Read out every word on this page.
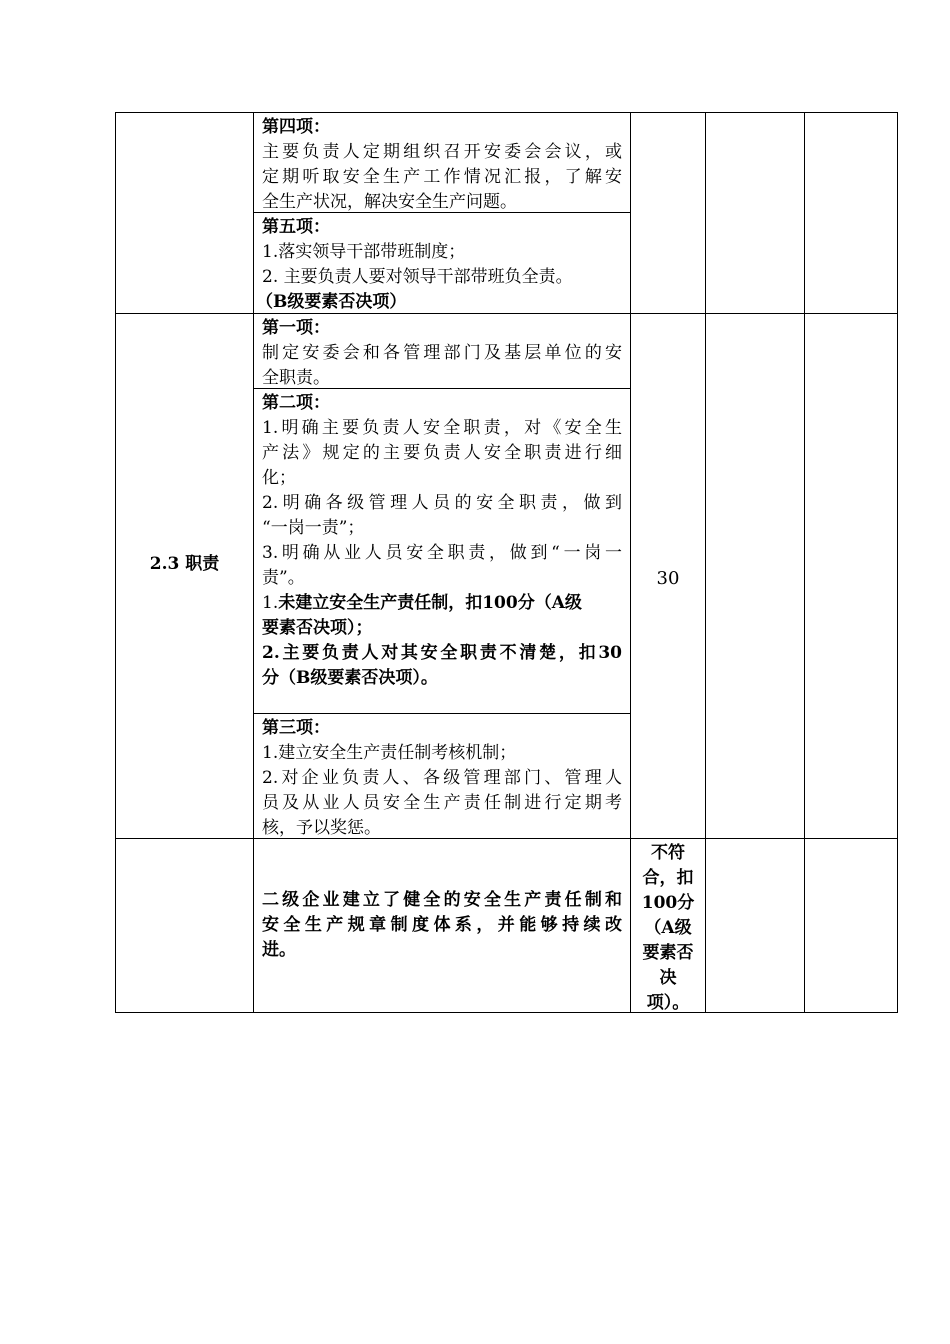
第四项：
主要负责人定期组织召开安委会会议，或
定期听取安全生产工作情况汇报，了解安
全生产状况，解决安全生产问题。
第五项：
1.落实领导干部带班制度；
2. 主要负责人要对领导干部带班负全责。
（B级要素否决项）
2.3 职责
30
第一项：
制定安委会和各管理部门及基层单位的安
全职责。
第二项：
1.明确主要负责人安全职责，对《安全生
产法》规定的主要负责人安全职责进行细
化；
2.明确各级管理人员的安全职责，做到
“一岗一责”；
3.明确从业人员安全职责，做到“一岗一
责”。
1.未建立安全生产责任制，扣100分（A级
要素否决项）；
2.主要负责人对其安全职责不清楚，扣30
分（B级要素否决项）。
第三项：
1.建立安全生产责任制考核机制；
2.对企业负责人、各级管理部门、管理人
员及从业人员安全生产责任制进行定期考
核，予以奖惩。
二级企业建立了健全的安全生产责任制和
安全生产规章制度体系，并能够持续改
进。
不符
合，扣
100分
（A级
要素否
决
项）。
